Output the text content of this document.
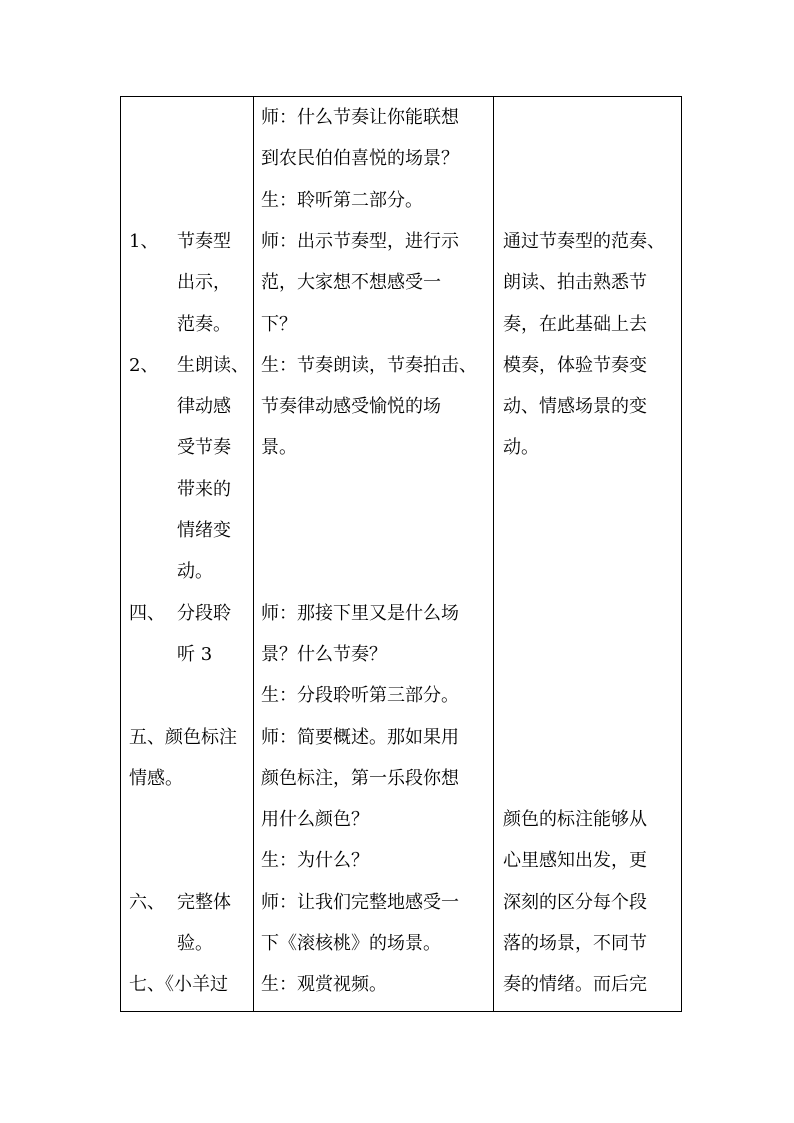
1、 节奏型
出示，
范奏。
2、 生朗读、
律动感
受节奏
带来的
情绪变
动。
四、 分段聆
听 3
五、颜色标注
情感。
六、 完整体
验。
七、《小羊过
师：什么节奏让你能联想
到农民伯伯喜悦的场景？
生：聆听第二部分。
师：出示节奏型，进行示
范，大家想不想感受一
下？
生：节奏朗读，节奏拍击、
节奏律动感受愉悦的场
景。
师：那接下里又是什么场
景？什么节奏？
生：分段聆听第三部分。
师：简要概述。那如果用
颜色标注，第一乐段你想
用什么颜色？
生：为什么？
师：让我们完整地感受一
下《滚核桃》的场景。
生：观赏视频。
通过节奏型的范奏、
朗读、拍击熟悉节
奏，在此基础上去
模奏，体验节奏变
动、情感场景的变
动。
颜色的标注能够从
心里感知出发，更
深刻的区分每个段
落的场景，不同节
奏的情绪。而后完
